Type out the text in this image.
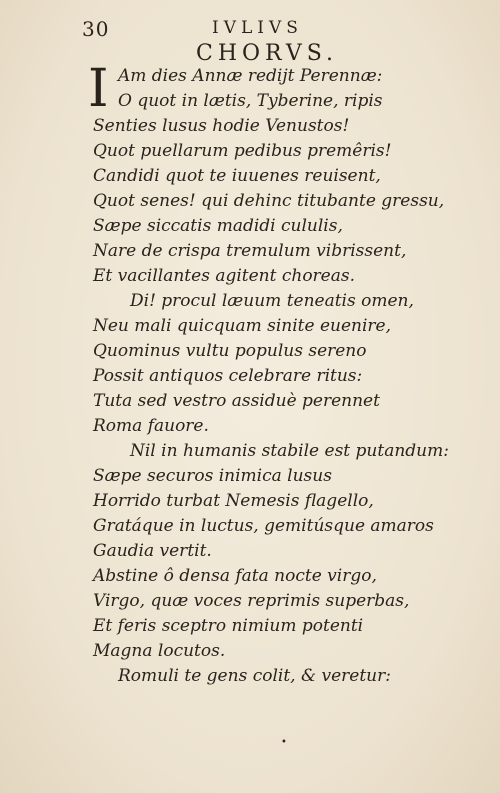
30	IVLIVS
CHORVS.
I Am dies Annæ redijt Perennæ:

O quot in lætis, Tyberine, ripis

Senties lusus hodie Venustos!

Quot puellarum pedibus premêris!

Candidi quot te iuuenes reuisent,

Quot senes! qui dehinc titubante gressu,

Sæpe siccatis madidi cululis,

Nare de crispa tremulum vibrissent,

Et vacillantes agitent choreas.

Di! procul læuum teneatis omen,

Neu mali quicquam sinite euenire,

Quominus vultu populus sereno

Possit antiquos celebrare ritus:

Tuta sed vestro assiduè perennet

Roma fauore.

Nil in humanis stabile est putandum:

Sæpe securos inimica lusus

Horrido turbat Nemesis flagello,

Gratáque in luctus, gemitúsque amaros

Gaudia vertit.

Abstine ô densa fata nocte virgo,

Virgo, quæ voces reprimis superbas,

Et feris sceptro nimium potenti

Magna locutos.

Romuli te gens colit, & veretur:

•
